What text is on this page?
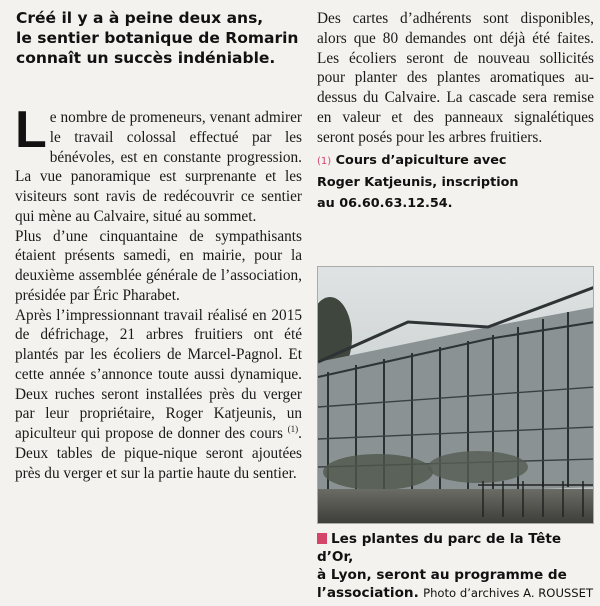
Créé il y a à peine deux ans,
le sentier botanique de Romarin
connaît un succès indéniable.

Le nombre de promeneurs, venant admirer le travail colossal effectué par les bénévoles, est en constante progression. La vue panoramique est surprenante et les visiteurs sont ravis de redécouvrir ce sentier qui mène au Calvaire, situé au sommet.

Plus d’une cinquantaine de sympathisants étaient présents samedi, en mairie, pour la deuxième assemblée générale de l’association, présidée par Éric Pharabet.

Après l’impressionnant travail réalisé en 2015 de défrichage, 21 arbres fruitiers ont été plantés par les écoliers de Marcel-Pagnol. Et cette année s’annonce toute aussi dynamique. Deux ruches seront installées près du verger par leur propriétaire, Roger Katjeunis, un apiculteur qui propose de donner des cours $^{(1)}$. Deux tables de pique-nique seront ajoutées près du verger et sur la partie haute du sentier.

Des cartes d’adhérents sont disponibles, alors que 80 demandes ont déjà été faites. Les écoliers seront de nouveau sollicités pour planter des plantes aromatiques au-dessus du Calvaire. La cascade sera remise en valeur et des panneaux signalétiques seront posés pour les arbres fruitiers.

(1) Cours d’apiculture avec
Roger Katjeunis, inscription
au 06.60.63.12.54.
Les plantes du parc de la Tête d’Or,
à Lyon, seront au programme de
l’association. Photo d’archives A. ROUSSET
